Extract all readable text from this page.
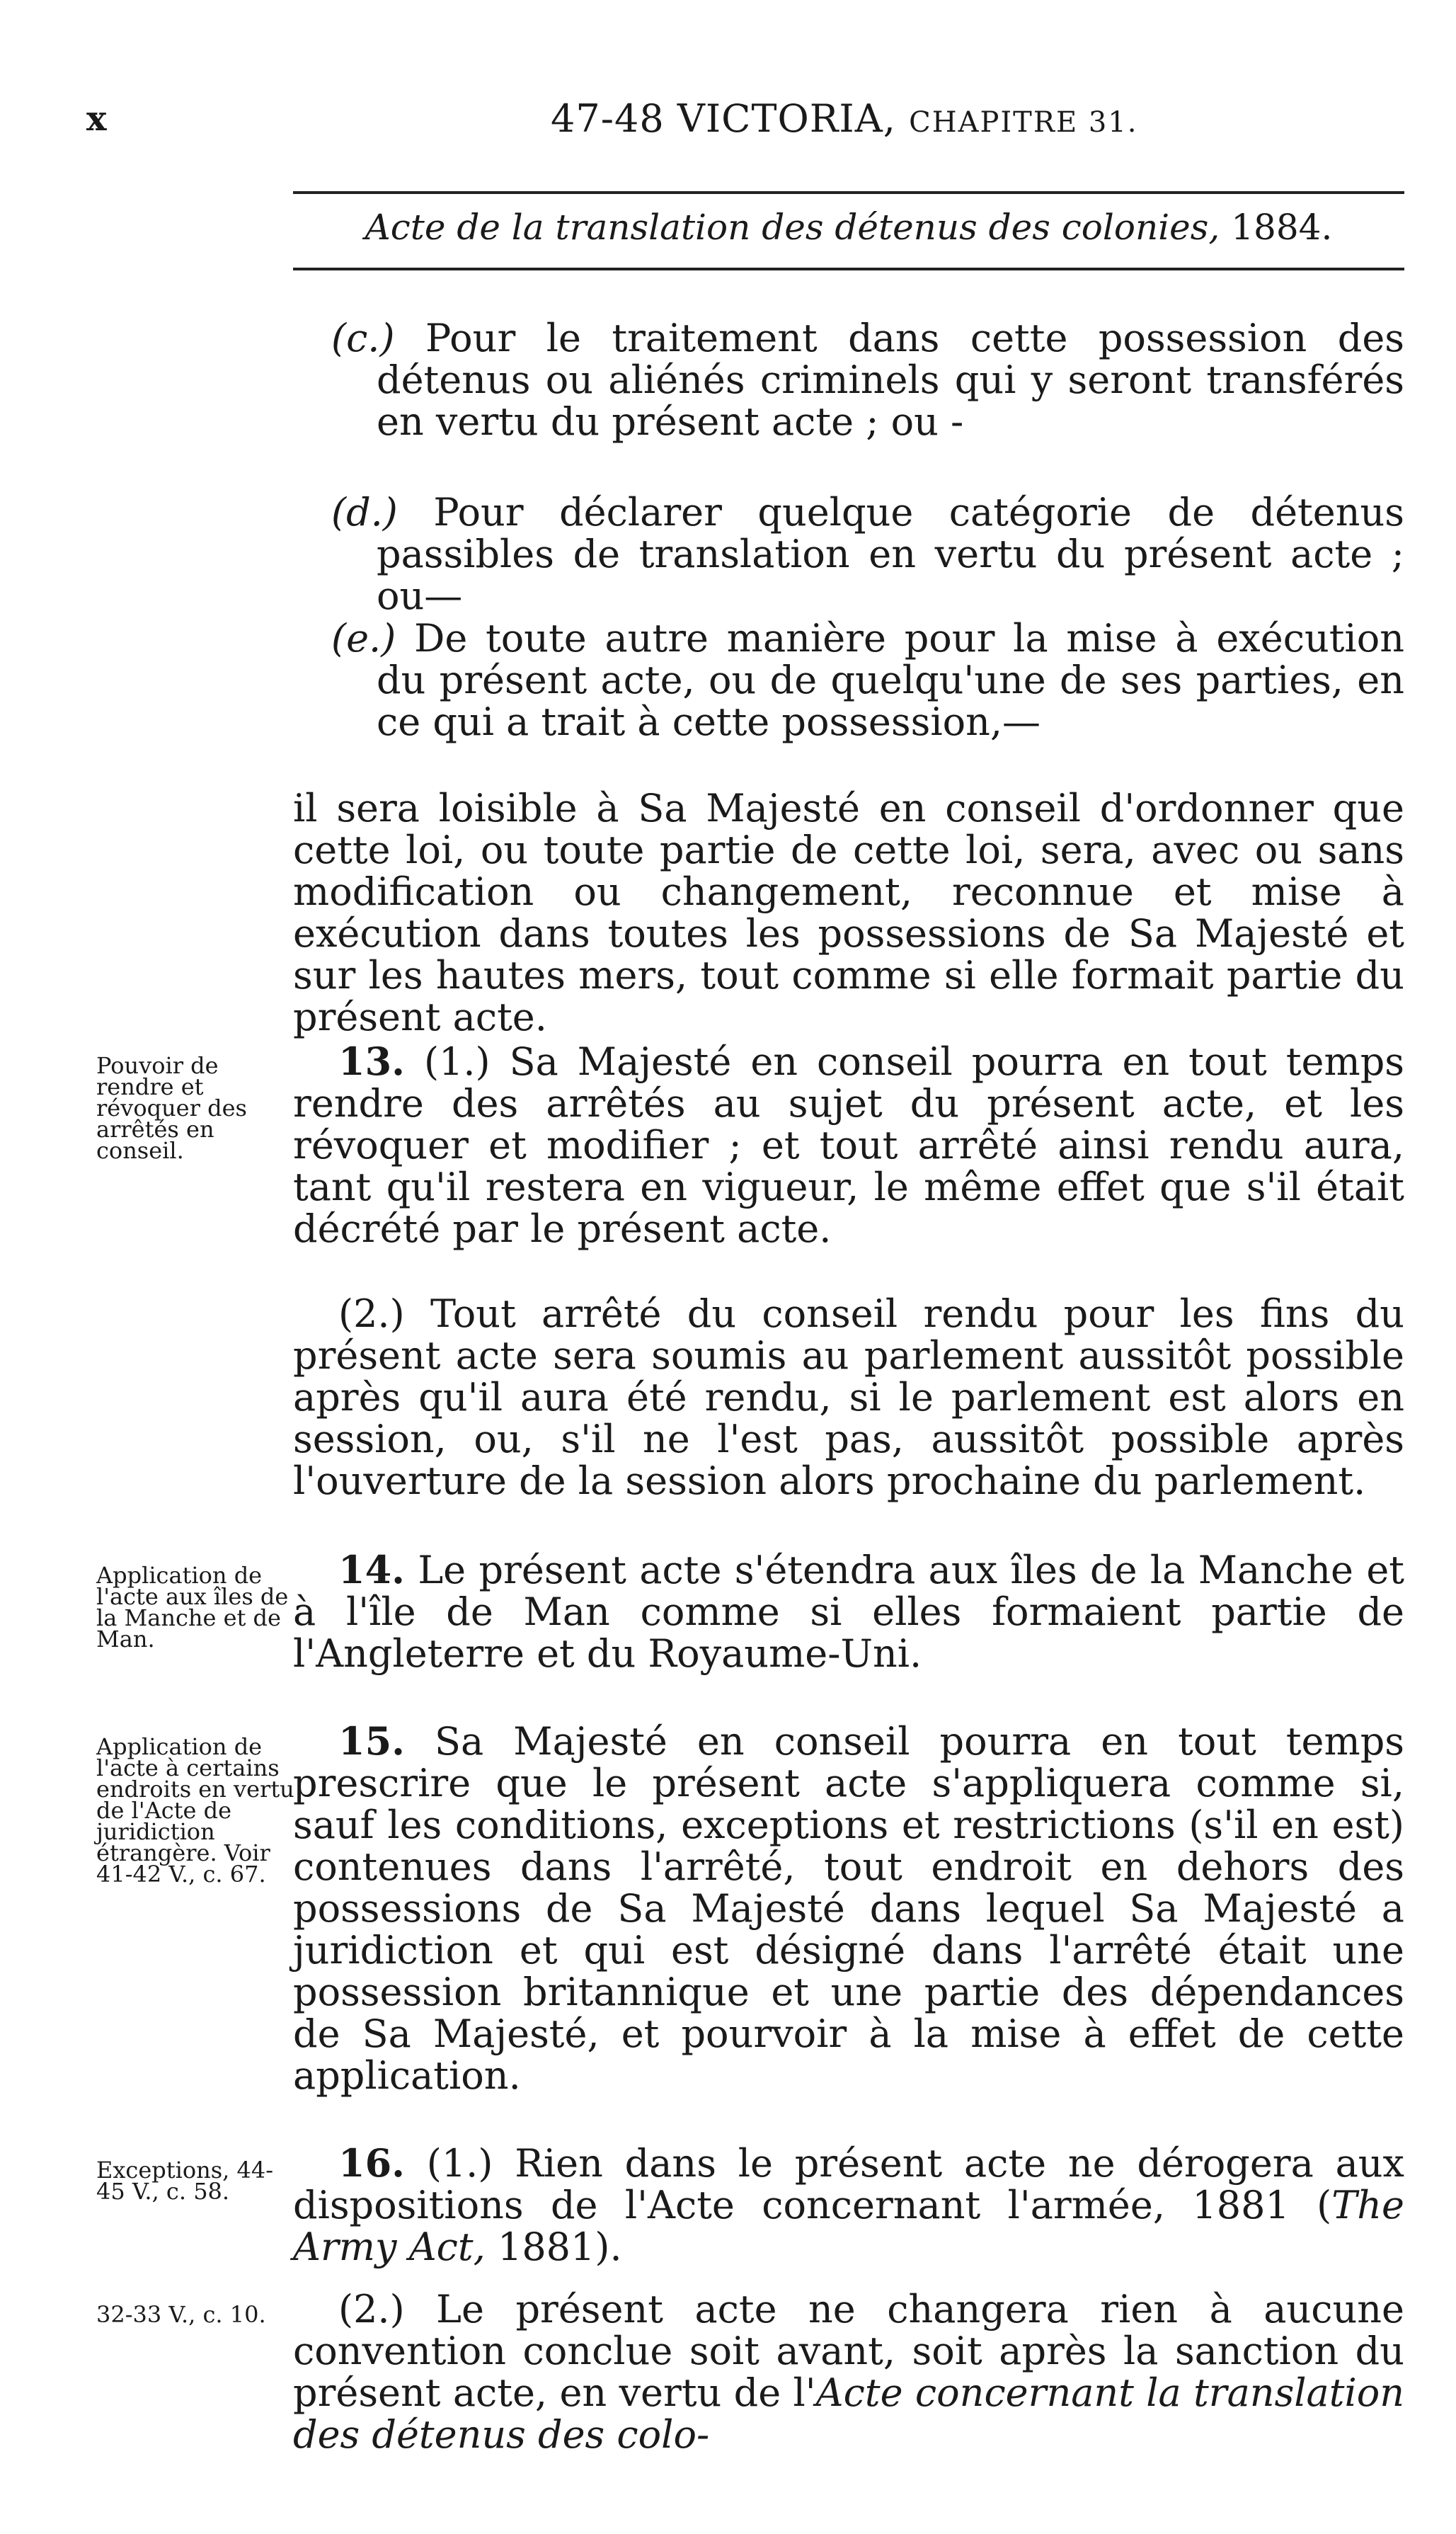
x	47-48 VICTORIA, CHAPITRE 31.
Acte de la translation des détenus des colonies, 1884.
(c.) Pour le traitement dans cette possession des détenus ou aliénés criminels qui y seront transférés en vertu du présent acte ; ou -
(d.) Pour déclarer quelque catégorie de détenus passibles de translation en vertu du présent acte ; ou—
(e.) De toute autre manière pour la mise à exécution du présent acte, ou de quelqu'une de ses parties, en ce qui a trait à cette possession,—
il sera loisible à Sa Majesté en conseil d'ordonner que cette loi, ou toute partie de cette loi, sera, avec ou sans modification ou changement, reconnue et mise à exécution dans toutes les possessions de Sa Majesté et sur les hautes mers, tout comme si elle formait partie du présent acte.
Pouvoir de rendre et révoquer des arrêtés en conseil.
13. (1.) Sa Majesté en conseil pourra en tout temps rendre des arrêtés au sujet du présent acte, et les révoquer et modifier ; et tout arrêté ainsi rendu aura, tant qu'il restera en vigueur, le même effet que s'il était décrété par le présent acte.
(2.) Tout arrêté du conseil rendu pour les fins du présent acte sera soumis au parlement aussitôt possible après qu'il aura été rendu, si le parlement est alors en session, ou, s'il ne l'est pas, aussitôt possible après l'ouverture de la session alors prochaine du parlement.
Application de l'acte aux îles de la Manche et de Man.
14. Le présent acte s'étendra aux îles de la Manche et à l'île de Man comme si elles formaient partie de l'Angleterre et du Royaume-Uni.
Application de l'acte à certains endroits en vertu de l'Acte de juridiction étrangère. Voir 41-42 V., c. 67.
15. Sa Majesté en conseil pourra en tout temps prescrire que le présent acte s'appliquera comme si, sauf les conditions, exceptions et restrictions (s'il en est) contenues dans l'arrêté, tout endroit en dehors des possessions de Sa Majesté dans lequel Sa Majesté a juridiction et qui est désigné dans l'arrêté était une possession britannique et une partie des dépendances de Sa Majesté, et pourvoir à la mise à effet de cette application.
Exceptions, 44-45 V., c. 58.
16. (1.) Rien dans le présent acte ne dérogera aux dispositions de l'Acte concernant l'armée, 1881 (The Army Act, 1881).
32-33 V., c. 10.	(2.) Le présent acte ne changera rien à aucune convention conclue soit avant, soit après la sanction du présent acte, en vertu de l'Acte concernant la translation des détenus des colo-
